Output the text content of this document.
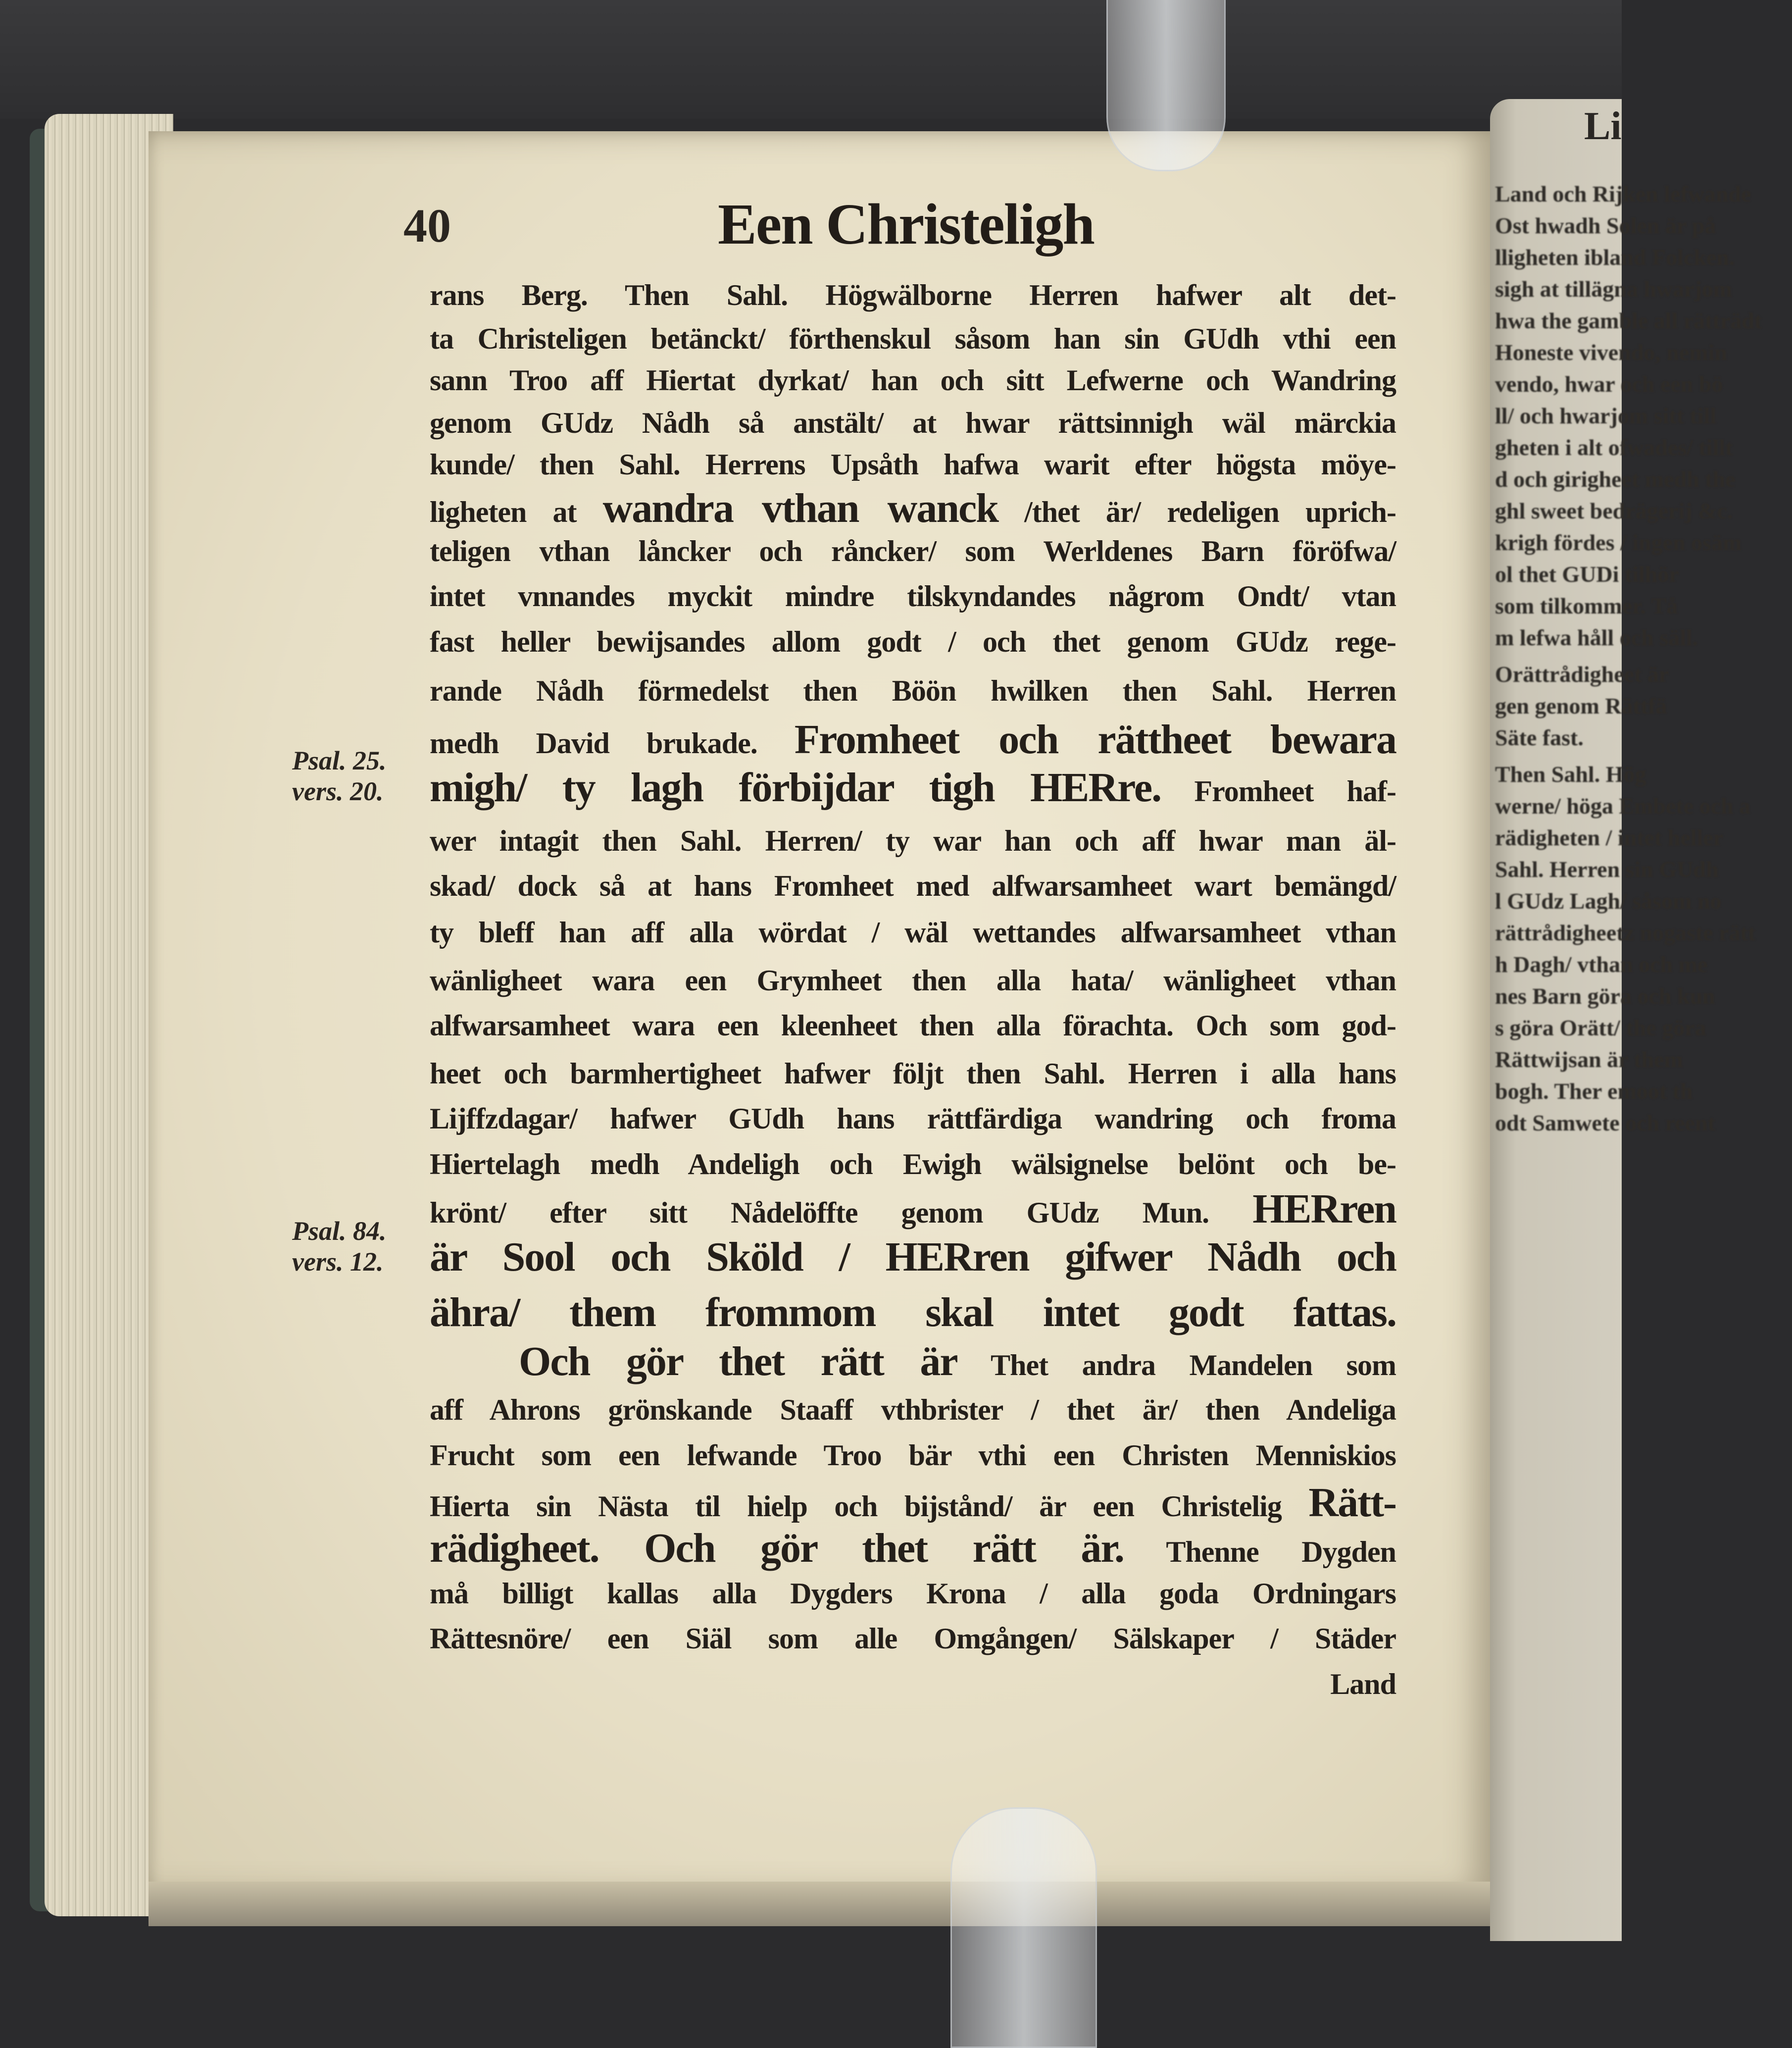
Li
Land och Rijken lefwande
Ost hwadh Solen är på
lligheten ibland Folcken.
sigh at tillägna hwarjom
hwa the gamble all rätträdt
Honeste vivendo, nemin
vendo, hwar och een bö
ll/ och hwarjom sitt till
gheten i alt ofwades/ tillt
d och girigheet medh the
ghl sweet bedrägerij &c.
krigh fördes / ingen osäm
ol thet GUDi tilhör
som tilkommer. Tå
m lefwa håll och säll.
Orättrådigheet är
gen genom Rättfä
Säte fast.
Then Sahl. Hög
werne/ höga Embete och a
rädigheten / intet heller
Sahl. Herren sin GUdh
l GUdz Lagh/ såsom no
rättrådigheetz nogaste rätt
h Dagh/ vthan och me
nes Barn göra och kun
s göra Orätt/ the göra
Rättwijsan är them
bogh. Ther emoot th
odt Samwete och reent
40	Een Christeligh
Psal. 25.
vers. 20.
Psal. 84.
vers. 12.
rans Berg. Then Sahl. Högwälborne Herren hafwer alt det-
ta Christeligen betänckt/ förthenskul såsom han sin GUdh vthi een
sann Troo aff Hiertat dyrkat/ han och sitt Lefwerne och Wandring
genom GUdz Nådh så anstält/ at hwar rättsinnigh wäl märckia
kunde/ then Sahl. Herrens Upsåth hafwa warit efter högsta möye-
ligheten at wandra vthan wanck /thet är/ redeligen uprich-
teligen vthan låncker och råncker/ som Werldenes Barn föröfwa/
intet vnnandes myckit mindre tilskyndandes någrom Ondt/ vtan
fast heller bewijsandes allom godt / och thet genom GUdz rege-
rande Nådh förmedelst then Böön hwilken then Sahl. Herren
medh David brukade. Fromheet och rättheet bewara
migh/ ty lagh förbijdar tigh HERre. Fromheet haf-
wer intagit then Sahl. Herren/ ty war han och aff hwar man äl-
skad/ dock så at hans Fromheet med alfwarsamheet wart bemängd/
ty bleff han aff alla wördat / wäl wettandes alfwarsamheet vthan
wänligheet wara een Grymheet then alla hata/ wänligheet vthan
alfwarsamheet wara een kleenheet then alla förachta. Och som god-
heet och barmhertigheet hafwer följt then Sahl. Herren i alla hans
Lijffzdagar/ hafwer GUdh hans rättfärdiga wandring och froma
Hiertelagh medh Andeligh och Ewigh wälsignelse belönt och be-
krönt/ efter sitt Nådelöffte genom GUdz Mun. HERren
är Sool och Sköld / HERren gifwer Nådh och
ähra/ them frommom skal intet godt fattas.
Och gör thet rätt är Thet andra Mandelen som
aff Ahrons grönskande Staaff vthbrister / thet är/ then Andeliga
Frucht som een lefwande Troo bär vthi een Christen Menniskios
Hierta sin Nästa til hielp och bijstånd/ är een Christelig Rätt-
rädigheet. Och gör thet rätt är. Thenne Dygden
må billigt kallas alla Dygders Krona / alla goda Ordningars
Rättesnöre/ een Siäl som alle Omgången/ Sälskaper / Städer
Land
